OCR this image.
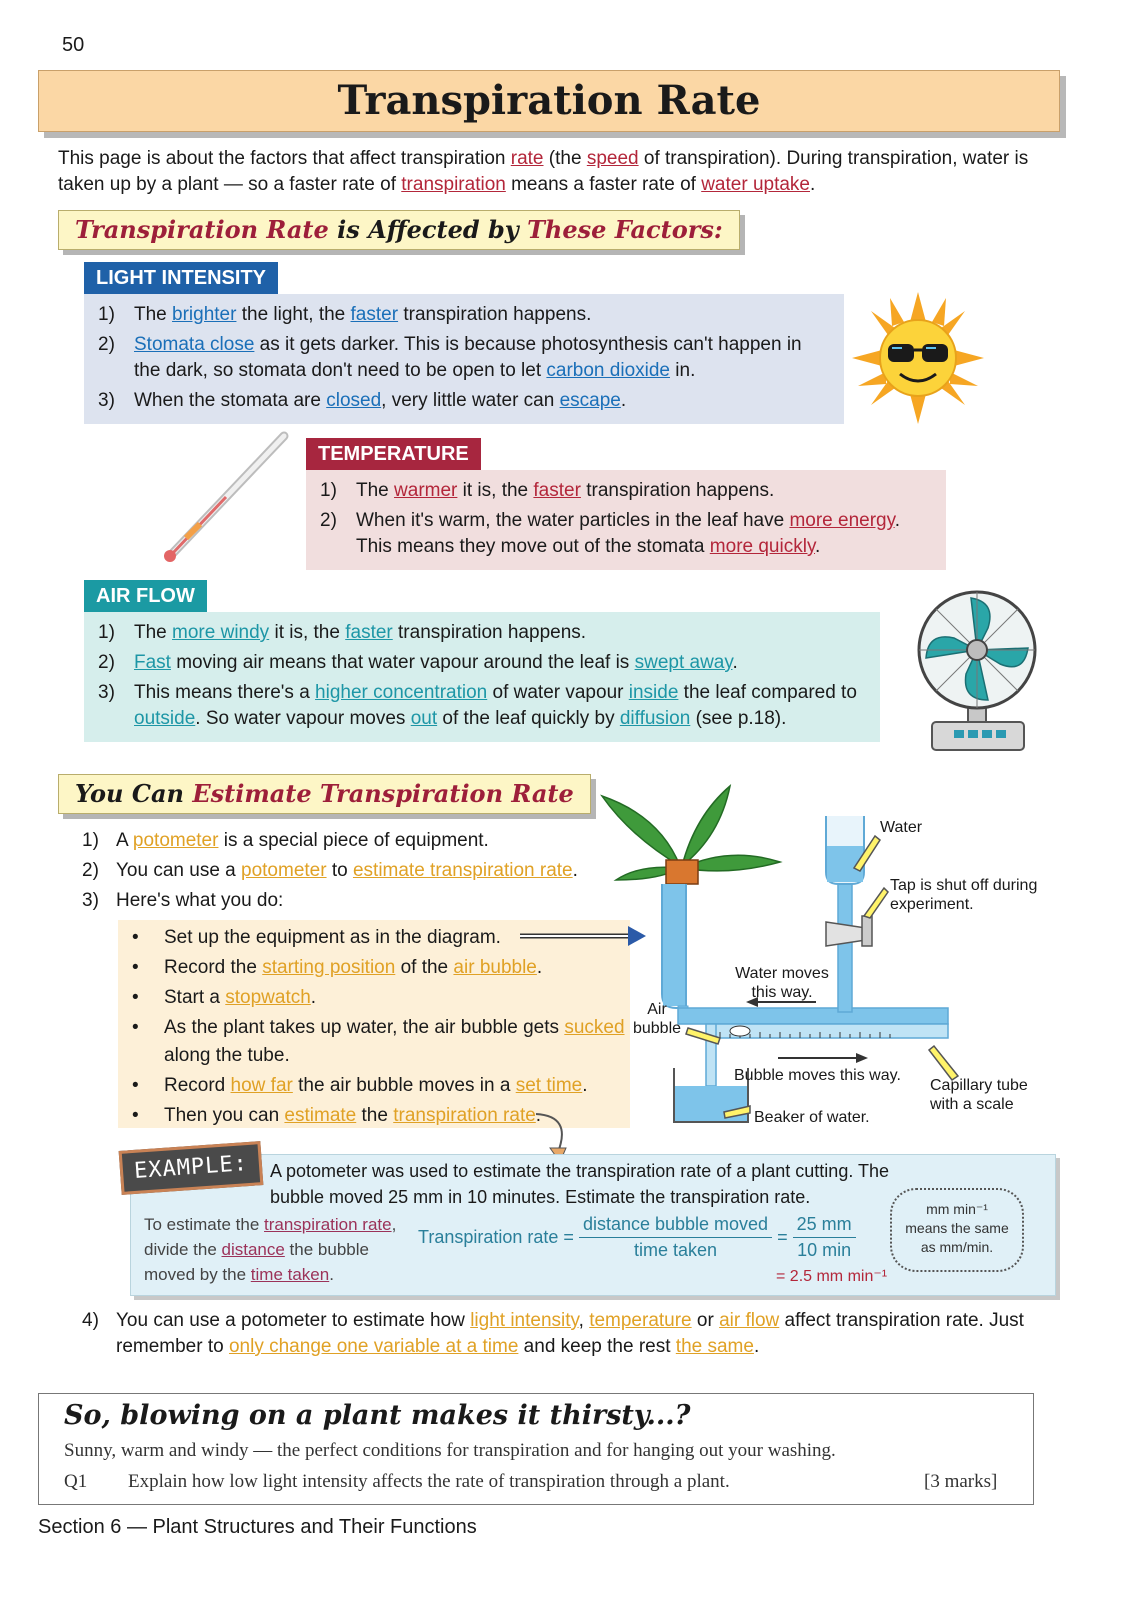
50
Transpiration Rate
This page is about the factors that affect transpiration rate (the speed of transpiration). During transpiration, water is taken up by a plant — so a faster rate of transpiration means a faster rate of water uptake.
Transpiration Rate is Affected by These Factors:
LIGHT INTENSITY
1)	The brighter the light, the faster transpiration happens.
2)	Stomata close as it gets darker. This is because photosynthesis can't happen in the dark, so stomata don't need to be open to let carbon dioxide in.
3)	When the stomata are closed, very little water can escape.
TEMPERATURE
1)	The warmer it is, the faster transpiration happens.
2)	When it's warm, the water particles in the leaf have more energy. This means they move out of the stomata more quickly.
AIR FLOW
1)	The more windy it is, the faster transpiration happens.
2)	Fast moving air means that water vapour around the leaf is swept away.
3)	This means there's a higher concentration of water vapour inside the leaf compared to outside. So water vapour moves out of the leaf quickly by diffusion (see p.18).
You Can Estimate Transpiration Rate
1) A potometer is a special piece of equipment.
2) You can use a potometer to estimate transpiration rate.
3) Here's what you do:
•	Set up the equipment as in the diagram.
•	Record the starting position of the air bubble.
•	Start a stopwatch.
•	As the plant takes up water, the air bubble gets sucked along the tube.
•	Record how far the air bubble moves in a set time.
•	Then you can estimate the transpiration rate.
Water
Tap is shut off during experiment.
Water moves this way.
Air bubble
Bubble moves this way.
Capillary tube with a scale
Beaker of water.
EXAMPLE:	A potometer was used to estimate the transpiration rate of a plant cutting. The bubble moved 25 mm in 10 minutes. Estimate the transpiration rate.
To estimate the transpiration rate, divide the distance the bubble moved by the time taken.
Transpiration rate = $\frac{\text{distance bubble moved}}{\text{time taken}} = \frac{25 mm}{10 \min}$
= 2.5 mm min⁻¹
mm min⁻¹
means the same
as mm/min.
4) You can use a potometer to estimate how light intensity, temperature or air flow affect transpiration rate. Just remember to only change one variable at a time and keep the rest the same.
So, blowing on a plant makes it thirsty...?
Sunny, warm and windy — the perfect conditions for transpiration and for hanging out your washing.
Q1 Explain how low light intensity affects the rate of transpiration through a plant.	[3 marks]
Section 6 — Plant Structures and Their Functions
